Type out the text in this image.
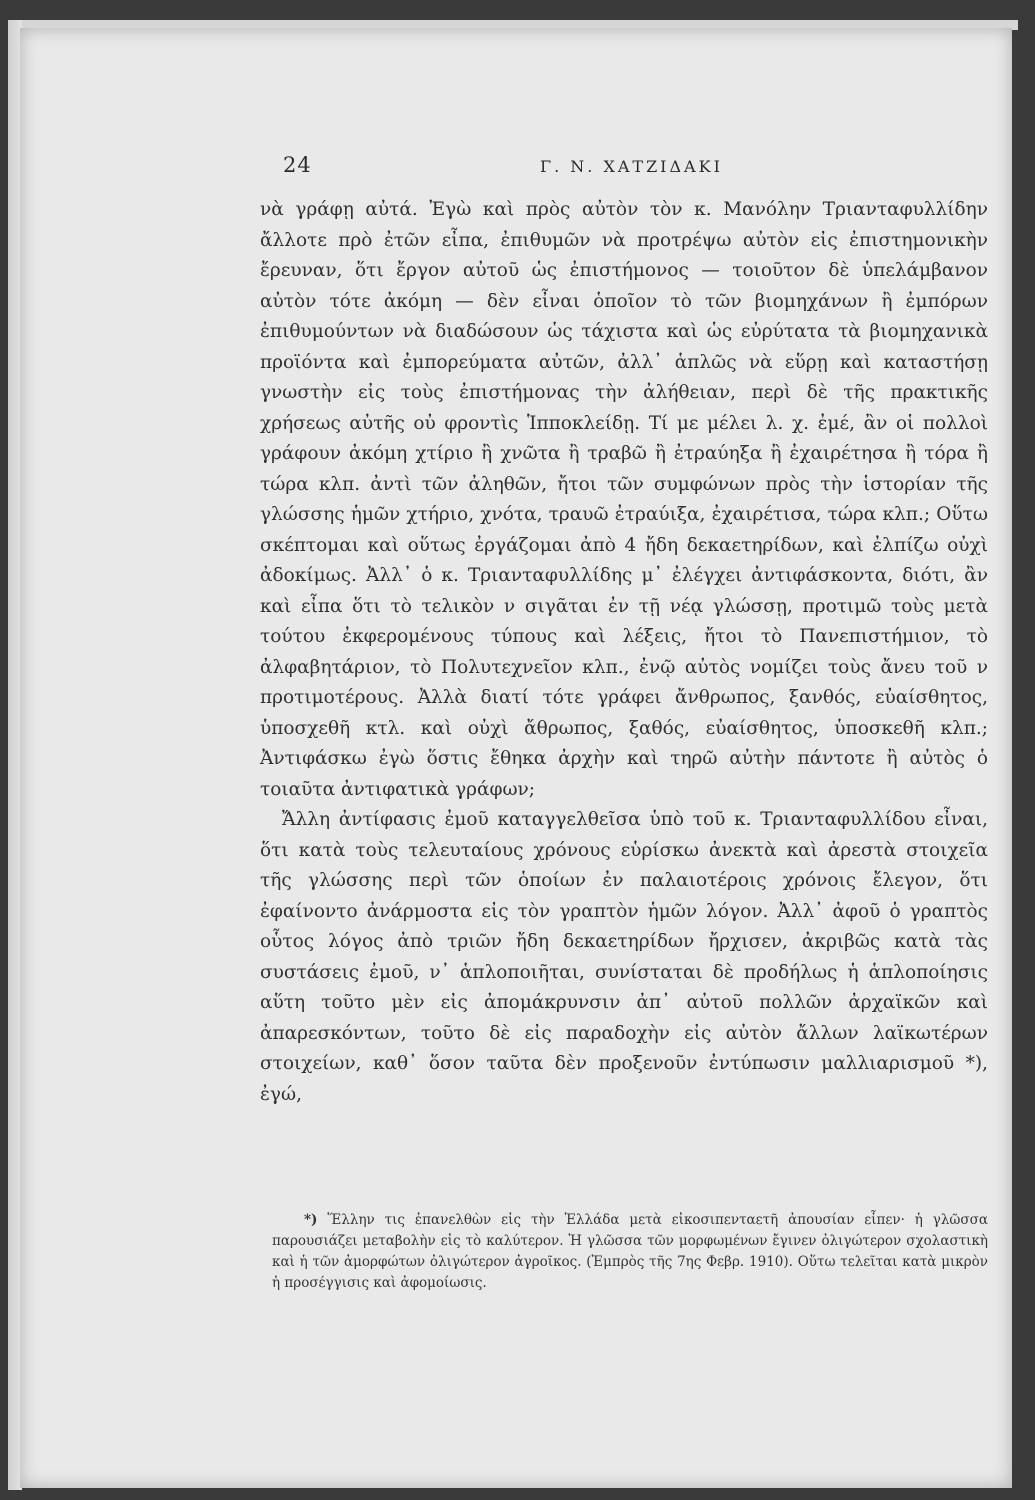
24	Γ. Ν. ΧΑΤΖΙΔΑΚΙ

νὰ γράφῃ αὐτά. Ἐγὼ καὶ πρὸς αὐτὸν τὸν κ. Μανόλην Τριανταφυλλίδην ἄλλοτε πρὸ ἐτῶν εἶπα, ἐπιθυμῶν νὰ προτρέψω αὐτὸν εἰς ἐπιστημονικὴν ἔρευναν, ὅτι ἔργον αὐτοῦ ὡς ἐπιστήμονος — τοιοῦτον δὲ ὑπελάμβανον αὐτὸν τότε ἀκόμη — δὲν εἶναι ὁποῖον τὸ τῶν βιομηχάνων ἢ ἐμπόρων ἐπιθυμούντων νὰ διαδώσουν ὡς τάχιστα καὶ ὡς εὐρύτατα τὰ βιομηχανικὰ προϊόντα καὶ ἐμπορεύματα αὐτῶν, ἀλλ᾿ ἁπλῶς νὰ εὕρῃ καὶ καταστήσῃ γνωστὴν εἰς τοὺς ἐπιστήμονας τὴν ἀλήθειαν, περὶ δὲ τῆς πρακτικῆς χρήσεως αὐτῆς οὐ φροντὶς Ἱπποκλείδῃ. Τί με μέλει λ. χ. ἐμέ, ἂν οἱ πολλοὶ γράφουν ἀκόμη χτίριο ἢ χνῶτα ἢ τραβῶ ἢ ἐτραύηξα ἢ ἐχαιρέτησα ἢ τόρα ἢ τώρα κλπ. ἀντὶ τῶν ἀληθῶν, ἤτοι τῶν συμφώνων πρὸς τὴν ἱστορίαν τῆς γλώσσης ἡμῶν χτήριο, χνότα, τραυῶ ἐτραύιξα, ἐχαιρέτισα, τώρα κλπ.; Οὕτω σκέπτομαι καὶ οὕτως ἐργάζομαι ἀπὸ 4 ἤδη δεκαετηρίδων, καὶ ἐλπίζω οὐχὶ ἀδοκίμως. Ἀλλ᾿ ὁ κ. Τριανταφυλλίδης μ᾿ ἐλέγχει ἀντιφάσκοντα, διότι, ἂν καὶ εἶπα ὅτι τὸ τελικὸν ν σιγᾶται ἐν τῇ νέᾳ γλώσσῃ, προτιμῶ τοὺς μετὰ τούτου ἐκφερομένους τύπους καὶ λέξεις, ἤτοι τὸ Πανεπιστήμιον, τὸ ἀλφαβητάριον, τὸ Πολυτεχνεῖον κλπ., ἐνῷ αὐτὸς νομίζει τοὺς ἄνευ τοῦ ν προτιμοτέρους. Ἀλλὰ διατί τότε γράφει ἄνθρωπος, ξανθός, εὐαίσθητος, ὑποσχεθῆ κτλ. καὶ οὐχὶ ἄθρωπος, ξαθός, εὐαίσθητος, ὑποσκεθῆ κλπ.; Ἀντιφάσκω ἐγὼ ὅστις ἔθηκα ἀρχὴν καὶ τηρῶ αὐτὴν πάντοτε ἢ αὐτὸς ὁ τοιαῦτα ἀντιφατικὰ γράφων;

Ἄλλη ἀντίφασις ἐμοῦ καταγγελθεῖσα ὑπὸ τοῦ κ. Τριανταφυλλίδου εἶναι, ὅτι κατὰ τοὺς τελευταίους χρόνους εὑρίσκω ἀνεκτὰ καὶ ἀρεστὰ στοιχεῖα τῆς γλώσσης περὶ τῶν ὁποίων ἐν παλαιοτέροις χρόνοις ἔλεγον, ὅτι ἐφαίνοντο ἀνάρμοστα εἰς τὸν γραπτὸν ἡμῶν λόγον. Ἀλλ᾿ ἀφοῦ ὁ γραπτὸς οὗτος λόγος ἀπὸ τριῶν ἤδη δεκαετηρίδων ἤρχισεν, ἀκριβῶς κατὰ τὰς συστάσεις ἐμοῦ, ν᾿ ἁπλοποιῆται, συνίσταται δὲ προδήλως ἡ ἁπλοποίησις αὕτη τοῦτο μὲν εἰς ἀπομάκρυνσιν ἀπ᾿ αὐτοῦ πολλῶν ἀρχαϊκῶν καὶ ἀπαρεσκόντων, τοῦτο δὲ εἰς παραδοχὴν εἰς αὐτὸν ἄλλων λαϊκωτέρων στοιχείων, καθ᾿ ὅσον ταῦτα δὲν προξενοῦν ἐντύπωσιν μαλλιαρισμοῦ *), ἐγώ,

*) Ἕλλην τις ἐπανελθὼν εἰς τὴν Ἑλλάδα μετὰ εἰκοσιπενταετῆ ἀπουσίαν εἶπεν· ἡ γλῶσσα παρουσιάζει μεταβολὴν εἰς τὸ καλύτερον. Ἡ γλῶσσα τῶν μορφωμένων ἔγινεν ὀλιγώτερον σχολαστικὴ καὶ ἡ τῶν ἀμορφώτων ὀλιγώτερον ἀγροῖκος. (Ἐμπρὸς τῆς 7ης Φεβρ. 1910). Οὕτω τελεῖται κατὰ μικρὸν ἡ προσέγγισις καὶ ἀφομοίωσις.
